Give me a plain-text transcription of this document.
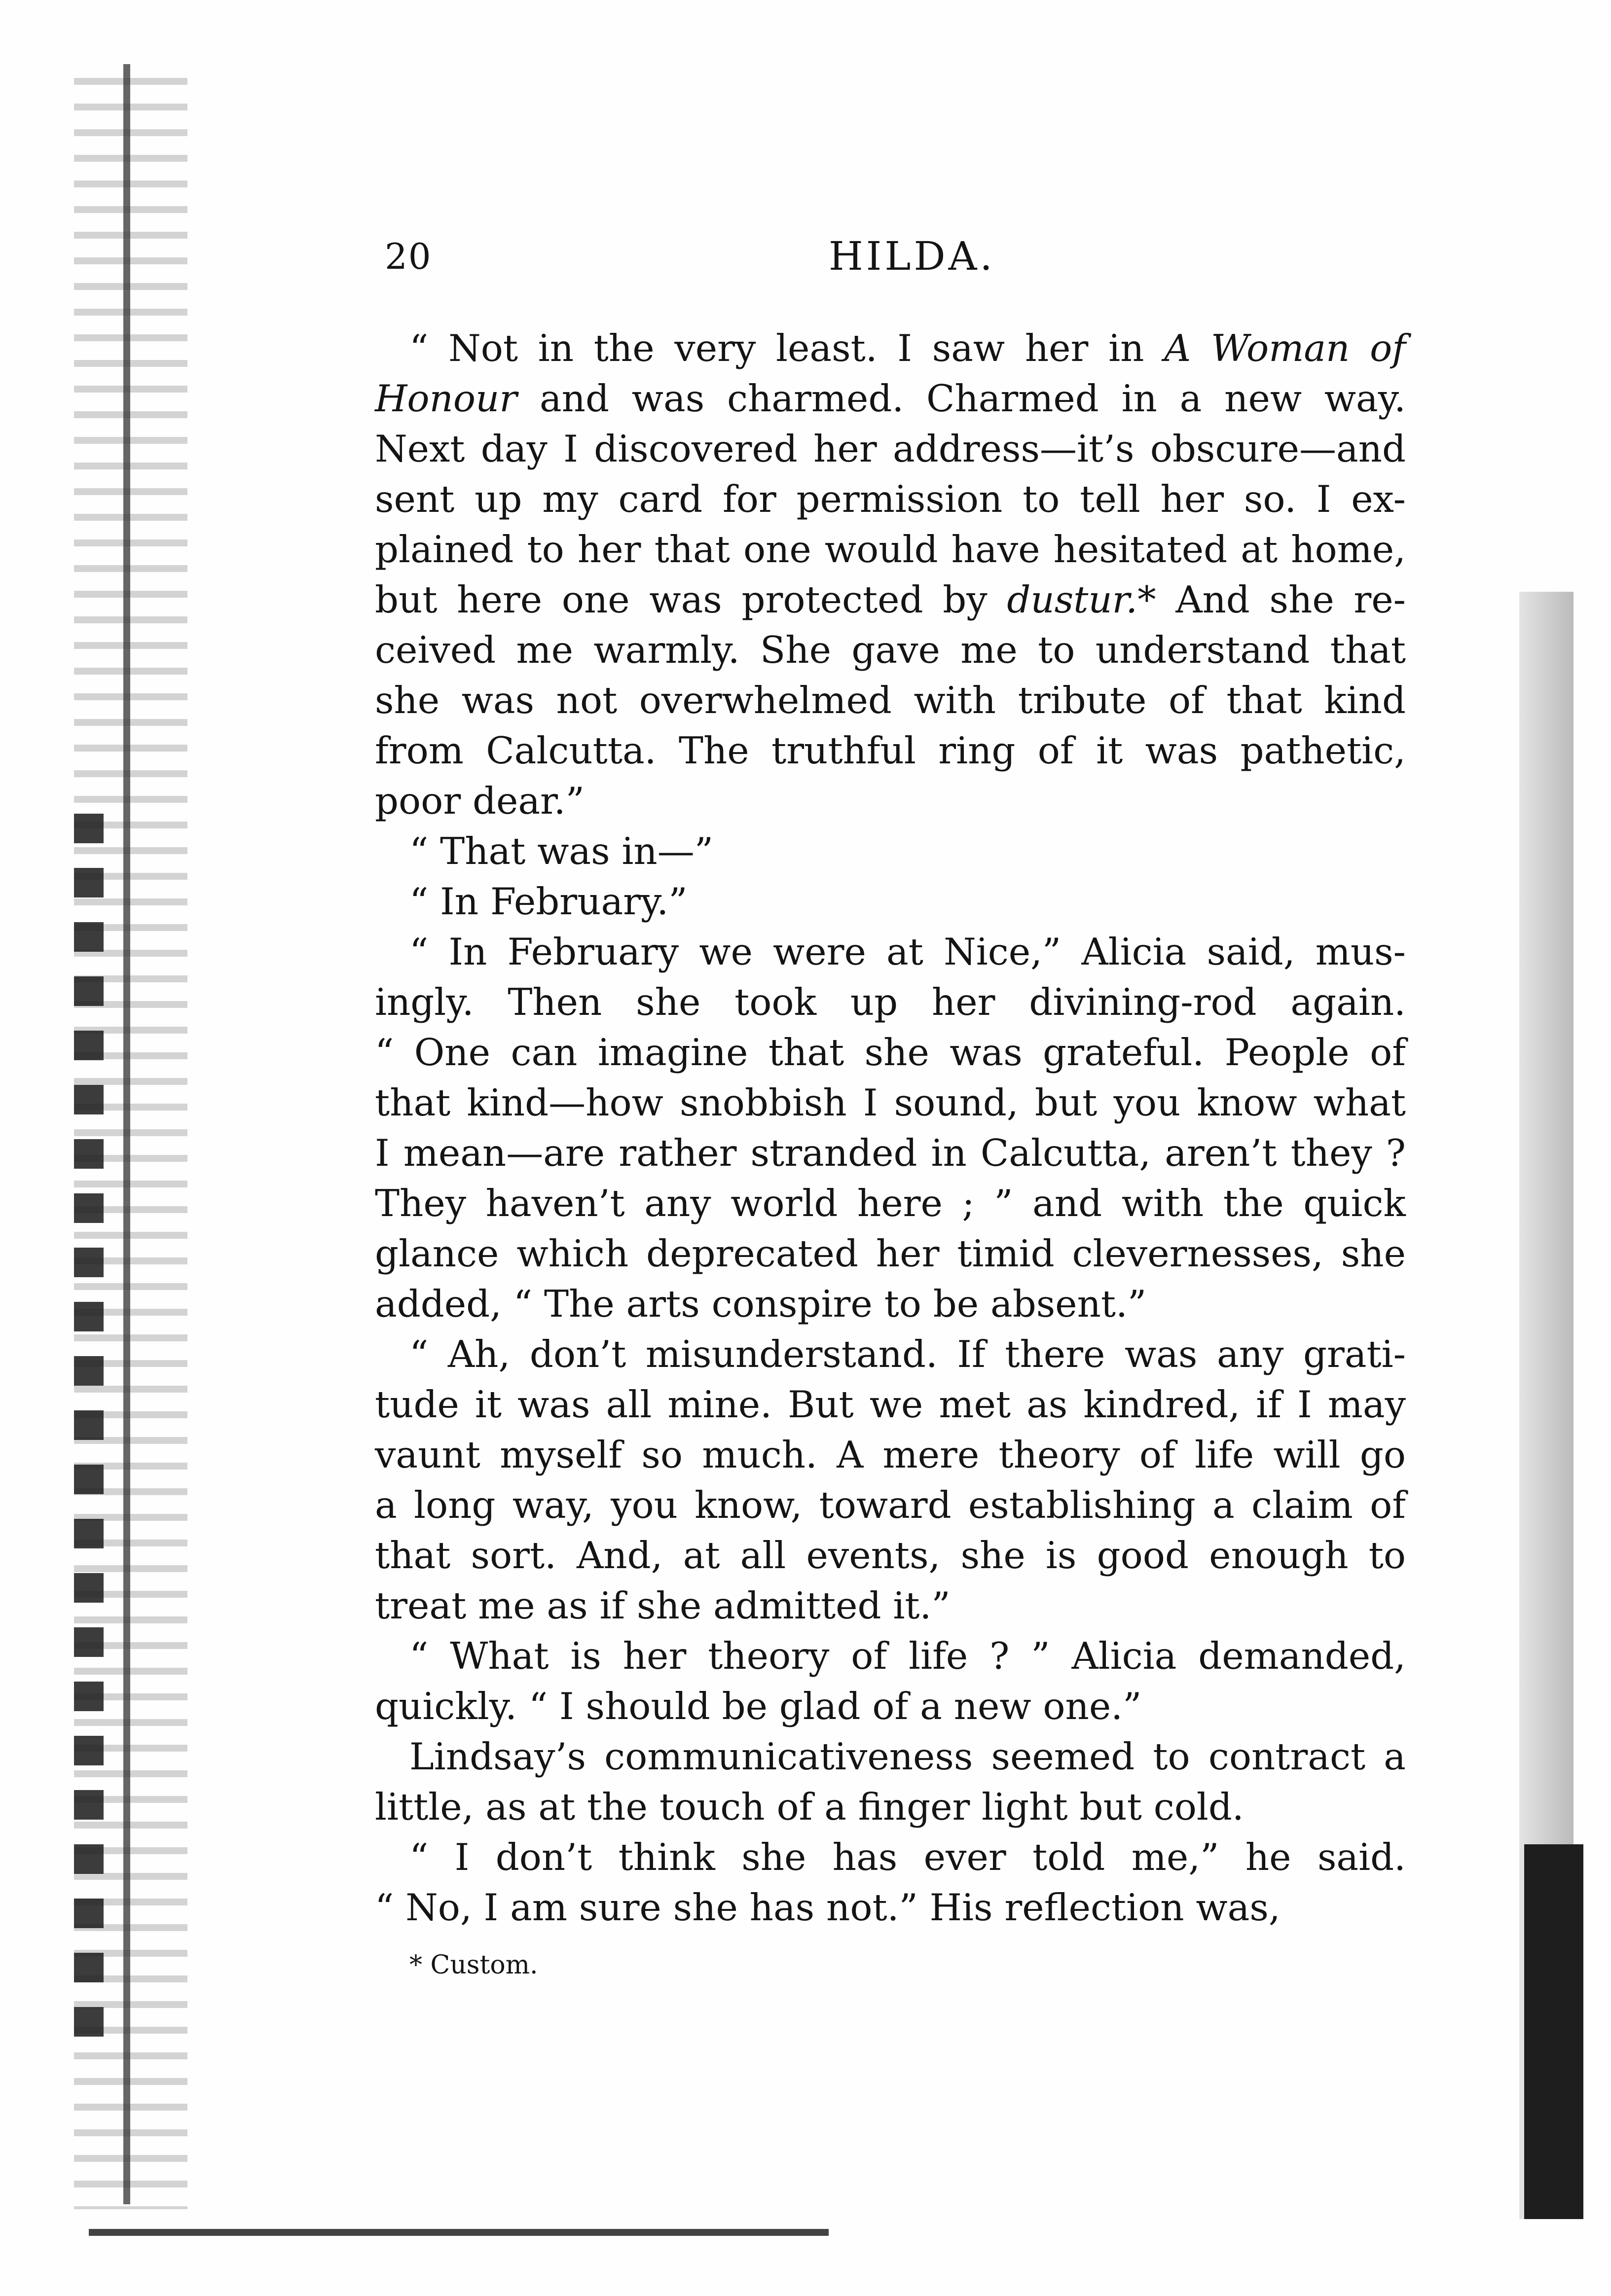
20	HILDA.
“ Not in the very least. I saw her in A Woman of
Honour and was charmed. Charmed in a new way.
Next day I discovered her address—it’s obscure—and
sent up my card for permission to tell her so. I ex-
plained to her that one would have hesitated at home,
but here one was protected by dustur.* And she re-
ceived me warmly. She gave me to understand that
she was not overwhelmed with tribute of that kind
from Calcutta. The truthful ring of it was pathetic,
poor dear.”
“ That was in—”
“ In February.”
“ In February we were at Nice,” Alicia said, mus-
ingly. Then she took up her divining-rod again.
“ One can imagine that she was grateful. People of
that kind—how snobbish I sound, but you know what
I mean—are rather stranded in Calcutta, aren’t they ?
They haven’t any world here ; ” and with the quick
glance which deprecated her timid clevernesses, she
added, “ The arts conspire to be absent.”
“ Ah, don’t misunderstand. If there was any grati-
tude it was all mine. But we met as kindred, if I may
vaunt myself so much. A mere theory of life will go
a long way, you know, toward establishing a claim of
that sort. And, at all events, she is good enough to
treat me as if she admitted it.”
“ What is her theory of life ? ” Alicia demanded,
quickly. “ I should be glad of a new one.”
Lindsay’s communicativeness seemed to contract a
little, as at the touch of a finger light but cold.
“ I don’t think she has ever told me,” he said.
“ No, I am sure she has not.” His reflection was,
* Custom.
